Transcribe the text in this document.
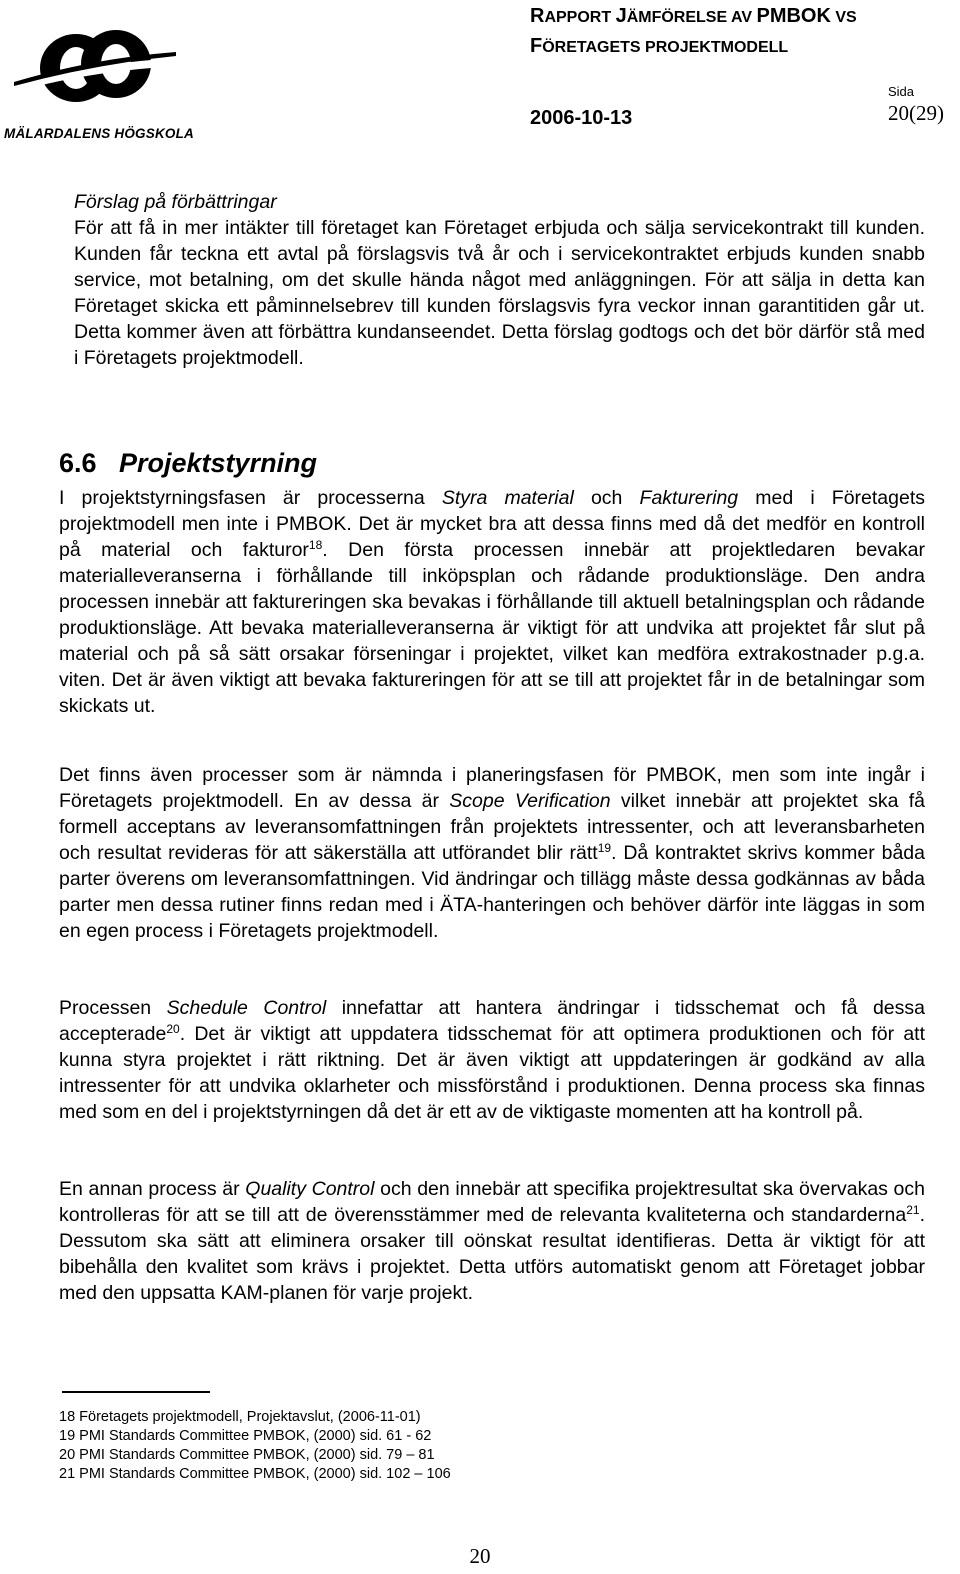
MÄLARDALENS HÖGSKOLA
RAPPORT JÄMFÖRELSE AV PMBOK VS
FÖRETAGETS PROJEKTMODELL
Sida
2006-10-13	20(29)
Förslag på förbättringar
För att få in mer intäkter till företaget kan Företaget erbjuda och sälja servicekontrakt till kunden. Kunden får teckna ett avtal på förslagsvis två år och i servicekontraktet erbjuds kunden snabb service, mot betalning, om det skulle hända något med anläggningen. För att sälja in detta kan Företaget skicka ett påminnelsebrev till kunden förslagsvis fyra veckor innan garantitiden går ut. Detta kommer även att förbättra kundanseendet. Detta förslag godtogs och det bör därför stå med i Företagets projektmodell.
6.6 Projektstyrning
I projektstyrningsfasen är processerna Styra material och Fakturering med i Företagets projektmodell men inte i PMBOK. Det är mycket bra att dessa finns med då det medför en kontroll på material och fakturor$^{18}$. Den första processen innebär att projektledaren bevakar materialleveranserna i förhållande till inköpsplan och rådande produktionsläge. Den andra processen innebär att faktureringen ska bevakas i förhållande till aktuell betalningsplan och rådande produktionsläge. Att bevaka materialleveranserna är viktigt för att undvika att projektet får slut på material och på så sätt orsakar förseningar i projektet, vilket kan medföra extrakostnader p.g.a. viten. Det är även viktigt att bevaka faktureringen för att se till att projektet får in de betalningar som skickats ut.
Det finns även processer som är nämnda i planeringsfasen för PMBOK, men som inte ingår i Företagets projektmodell. En av dessa är Scope Verification vilket innebär att projektet ska få formell acceptans av leveransomfattningen från projektets intressenter, och att leveransbarheten och resultat revideras för att säkerställa att utförandet blir rätt$^{19}$. Då kontraktet skrivs kommer båda parter överens om leveransomfattningen. Vid ändringar och tillägg måste dessa godkännas av båda parter men dessa rutiner finns redan med i ÄTA-hanteringen och behöver därför inte läggas in som en egen process i Företagets projektmodell.
Processen Schedule Control innefattar att hantera ändringar i tidsschemat och få dessa accepterade$^{20}$. Det är viktigt att uppdatera tidsschemat för att optimera produktionen och för att kunna styra projektet i rätt riktning. Det är även viktigt att uppdateringen är godkänd av alla intressenter för att undvika oklarheter och missförstånd i produktionen. Denna process ska finnas med som en del i projektstyrningen då det är ett av de viktigaste momenten att ha kontroll på.
En annan process är Quality Control och den innebär att specifika projektresultat ska övervakas och kontrolleras för att se till att de överensstämmer med de relevanta kvaliteterna och standarderna$^{21}$. Dessutom ska sätt att eliminera orsaker till oönskat resultat identifieras. Detta är viktigt för att bibehålla den kvalitet som krävs i projektet. Detta utförs automatiskt genom att Företaget jobbar med den uppsatta KAM-planen för varje projekt.
18 Företagets projektmodell, Projektavslut, (2006-11-01)
19 PMI Standards Committee PMBOK, (2000) sid. 61 - 62
20 PMI Standards Committee PMBOK, (2000) sid. 79 – 81
21 PMI Standards Committee PMBOK, (2000) sid. 102 – 106
20
